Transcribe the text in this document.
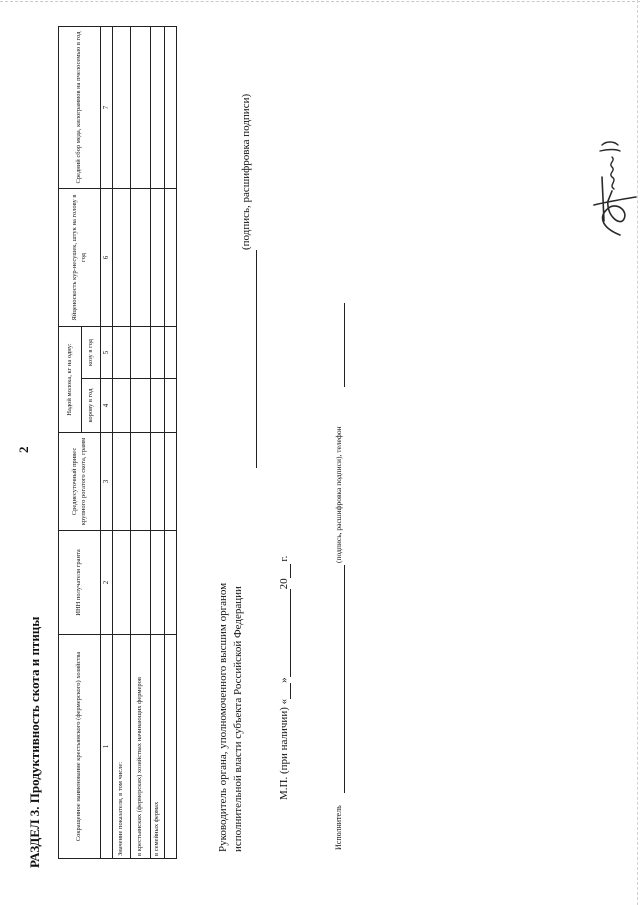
2
РАЗДЕЛ 3. Продуктивность скота и птицы	Сокращенное наименование крестьянского (фермерского) хозяйства	ИНН получателя гранта	Среднесуточный привес крупного рогатого скота, грамм	Надой молока, кг на одну:		Яйценоскость кур-несушек, штук на голову в год	Средний сбор меда, килограммов на пчелосемью в год
			корову в год	козу в год		
1	2	3	4	5	6	7
Значение показателя, в том числе:						
в крестьянских (фермерских) хозяйствах начинающих фермеров						
в семейных фермах						
							Руководитель органа, уполномоченного высшим органом исполнительной власти субъекта Российской Федерации
(подпись, расшифровка подписи)
М.П. (при наличии) « » 20  г.
Исполнитель
(подпись, расшифровка подписи), телефон
